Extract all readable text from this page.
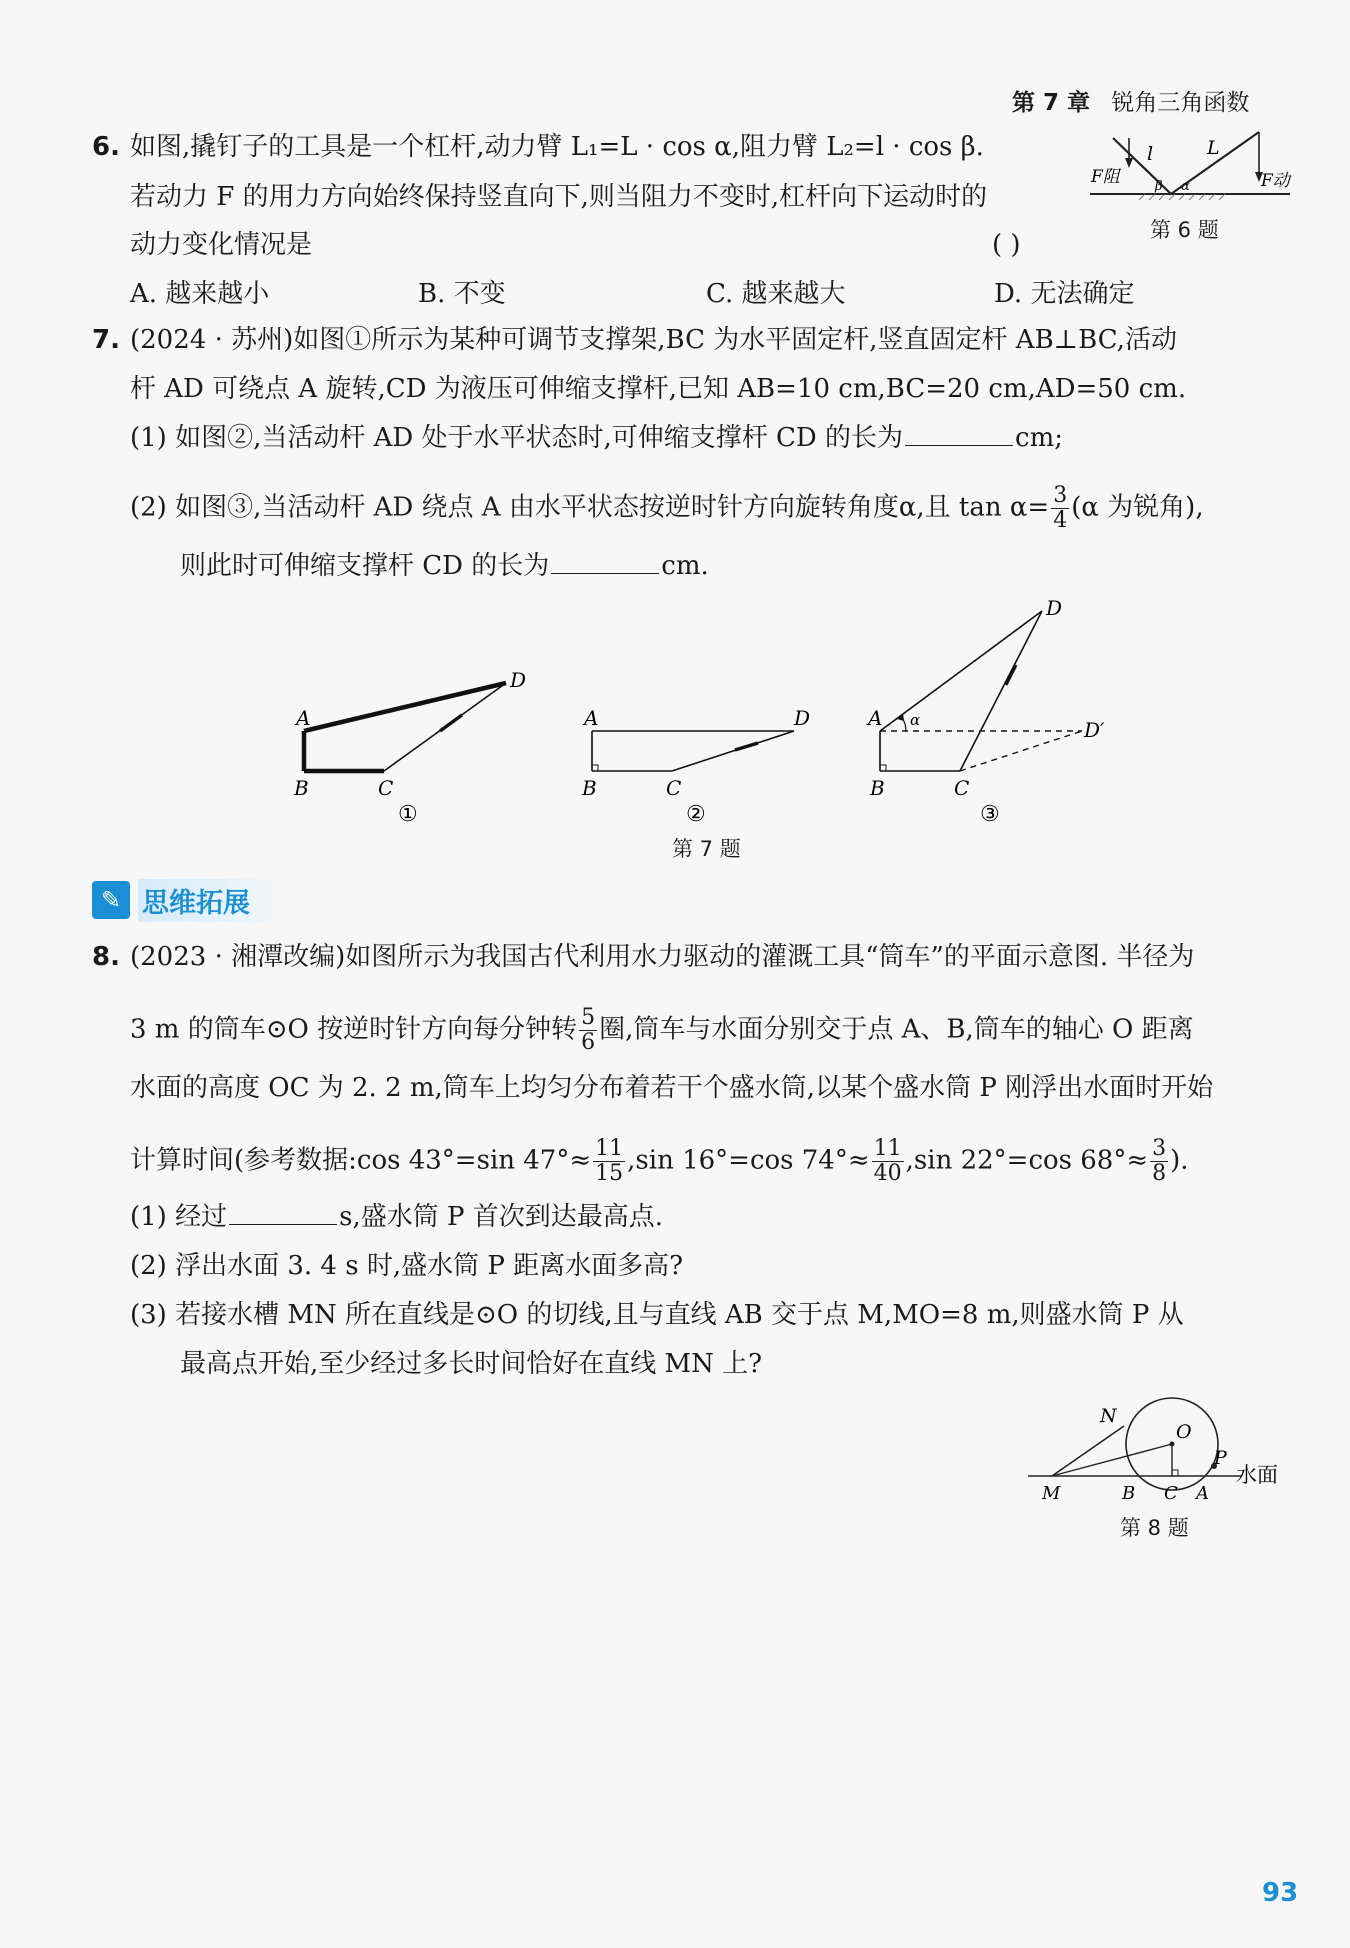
第 7 章 锐角三角函数
6. 如图,撬钉子的工具是一个杠杆,动力臂 L₁=L · cos α,阻力臂 L₂=l · cos β.
若动力 F 的用力方向始终保持竖直向下,则当阻力不变时,杠杆向下运动时的
动力变化情况是	( )
A. 越来越小	B. 不变	C. 越来越大	D. 无法确定
F阻
l	L
β α	F动
第 6 题
7. (2024 · 苏州)如图①所示为某种可调节支撑架,BC 为水平固定杆,竖直固定杆 AB⊥BC,活动
杆 AD 可绕点 A 旋转,CD 为液压可伸缩支撑杆,已知 AB=10 cm,BC=20 cm,AD=50 cm.
(1) 如图②,当活动杆 AD 处于水平状态时,可伸缩支撑杆 CD 的长为	cm;
(2) 如图③,当活动杆 AD 绕点 A 由水平状态按逆时针方向旋转角度α,且 $\tan \alpha= \frac{3}{4} (\alpha$ 为锐角),
则此时可伸缩支撑杆 CD 的长为	cm.
A
B	C
D
①
A
B	C
D
②
α
A
B	C
D
D′
③
第 7 题
✎ 思维拓展
8. (2023 · 湘潭改编)如图所示为我国古代利用水力驱动的灌溉工具“筒车”的平面示意图. 半径为
3 m 的筒车⊙O 按逆时针方向每分钟转 $\frac{5}{6}$ 圈,筒车与水面分别交于点 A、B,筒车的轴心 O 距离
水面的高度 OC 为 2. 2 m,筒车上均匀分布着若干个盛水筒,以某个盛水筒 P 刚浮出水面时开始
计算时间(参考数据:cos 43°=sin $47^\circ\approx \frac{11}{15} ,\sin$ 16°=cos $74^\circ\approx \frac{11}{40} ,\sin$ 22°=cos $68^\circ\approx \frac{3}{8}$ ).
(1) 经过	s,盛水筒 P 首次到达最高点.
(2) 浮出水面 3. 4 s 时,盛水筒 P 距离水面多高?
(3) 若接水槽 MN 所在直线是⊙O 的切线,且与直线 AB 交于点 M,MO=8 m,则盛水筒 P 从
最高点开始,至少经过多长时间恰好在直线 MN 上?
N
O
P
水面
M	B C A
第 8 题
93
